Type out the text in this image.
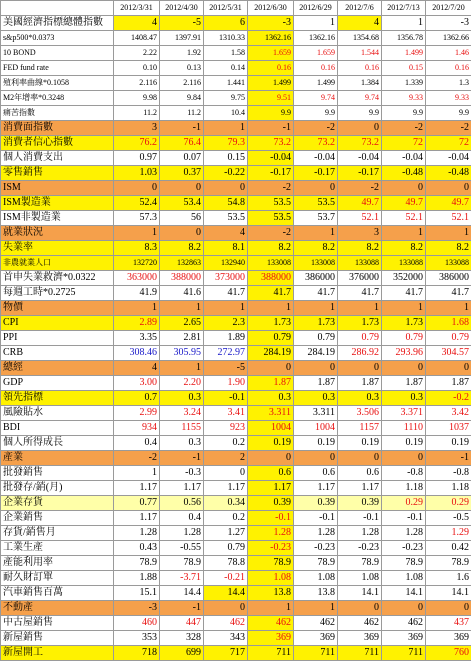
	2012/3/31	2012/4/30	2012/5/31	2012/6/30	2012/6/29	2012/7/6	2012/7/13	2012/7/20
美國經濟指標總體指數	4	-5	6	-3	1	4	1	-3
s&p500*0.0373	1408.47	1397.91	1310.33	1362.16	1362.16	1354.68	1356.78	1362.66
10 BOND	2.22	1.92	1.58	1.659	1.659	1.544	1.499	1.46
FED fund rate	0.10	0.13	0.14	0.16	0.16	0.16	0.15	0.16
殖利率曲線*0.1058	2.116	2.116	1.441	1.499	1.499	1.384	1.339	1.3
M2年增率*0.3248	9.98	9.84	9.75	9.51	9.74	9.74	9.33	9.33
痛苦指數	11.2	11.2	10.4	9.9	9.9	9.9	9.9	9.9
消費面指數	3	-1	1	-1	-2	0	-2	-2
消費者信心指數	76.2	76.4	79.3	73.2	73.2	73.2	72	72
個人消費支出	0.97	0.07	0.15	-0.04	-0.04	-0.04	-0.04	-0.04
零售銷售	1.03	0.37	-0.22	-0.17	-0.17	-0.17	-0.48	-0.48
ISM	0	0	0	-2	0	-2	0	0
ISM製造業	52.4	53.4	54.8	53.5	53.5	49.7	49.7	49.7
ISM非製造業	57.3	56	53.5	53.5	53.7	52.1	52.1	52.1
就業狀況	1	0	4	-2	1	3	1	1
失業率	8.3	8.2	8.1	8.2	8.2	8.2	8.2	8.2
非農就業人口	132720	132863	132940	133008	133008	133088	133088	133088
首申失業救濟*0.0322	363000	388000	373000	388000	386000	376000	352000	386000
每週工時*0.2725	41.9	41.6	41.7	41.7	41.7	41.7	41.7	41.7
物價	1	1	1	1	1	1	1	1
CPI	2.89	2.65	2.3	1.73	1.73	1.73	1.73	1.68
PPI	3.35	2.81	1.89	0.79	0.79	0.79	0.79	0.79
CRB	308.46	305.95	272.97	284.19	284.19	286.92	293.96	304.57
總經	4	1	-5	0	0	0	0	0
GDP	3.00	2.20	1.90	1.87	1.87	1.87	1.87	1.87
領先指標	0.7	0.3	-0.1	0.3	0.3	0.3	0.3	-0.2
風險貼水	2.99	3.24	3.41	3.311	3.311	3.506	3.371	3.42
BDI	934	1155	923	1004	1004	1157	1110	1037
個人所得成長	0.4	0.3	0.2	0.19	0.19	0.19	0.19	0.19
產業	-2	-1	2	0	0	0	0	-1
批發銷售	1	-0.3	0	0.6	0.6	0.6	-0.8	-0.8
批發存/銷(月)	1.17	1.17	1.17	1.17	1.17	1.17	1.18	1.18
企業存貨	0.77	0.56	0.34	0.39	0.39	0.39	0.29	0.29
企業銷售	1.17	0.4	0.2	-0.1	-0.1	-0.1	-0.1	-0.5
存貨/銷售月	1.28	1.28	1.27	1.28	1.28	1.28	1.28	1.29
工業生產	0.43	-0.55	0.79	-0.23	-0.23	-0.23	-0.23	0.42
產能利用率	78.9	78.9	78.8	78.9	78.9	78.9	78.9	78.9
耐久財訂單	1.88	-3.71	-0.21	1.08	1.08	1.08	1.08	1.6
汽車銷售百萬	15.1	14.4	14.4	13.8	13.8	14.1	14.1	14.1
不動產	-3	-1	0	1	1	0	0	0
中古屋銷售	460	447	462	462	462	462	462	437
新屋銷售	353	328	343	369	369	369	369	369
新屋開工	718	699	717	711	711	711	711	760
